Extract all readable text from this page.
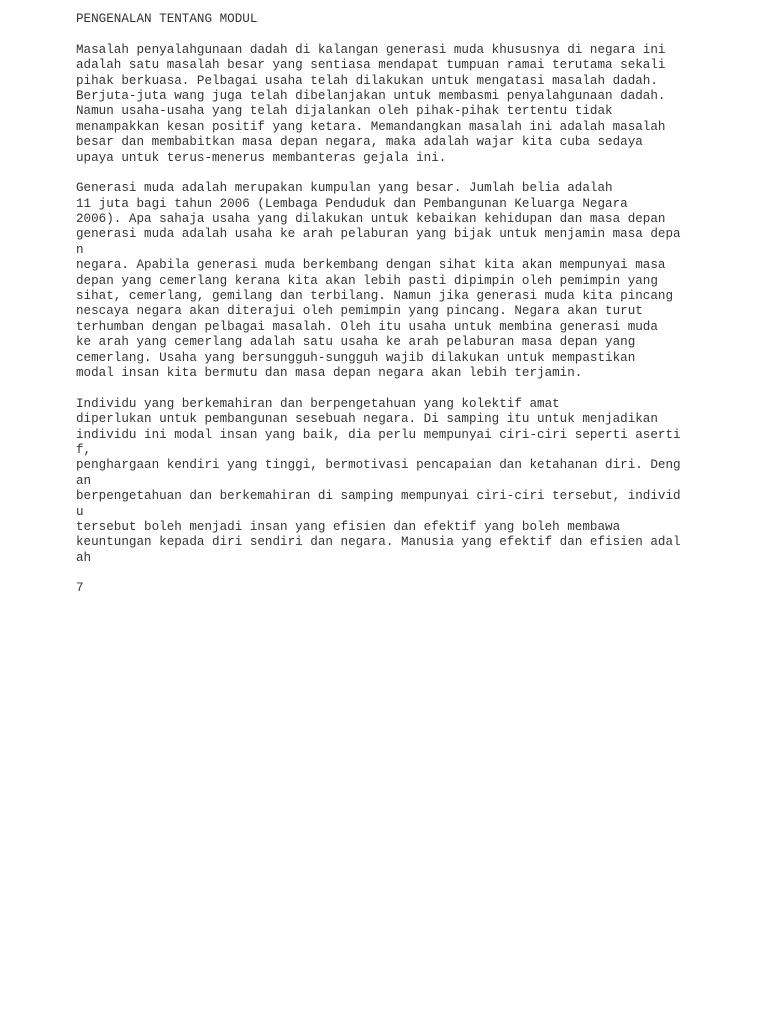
PENGENALAN TENTANG MODUL
Masalah penyalahgunaan dadah di kalangan generasi muda khususnya di negara ini
adalah satu masalah besar yang sentiasa mendapat tumpuan ramai terutama sekali
pihak berkuasa. Pelbagai usaha telah dilakukan untuk mengatasi masalah dadah.
Berjuta-juta wang juga telah dibelanjakan untuk membasmi penyalahgunaan dadah.
Namun usaha-usaha yang telah dijalankan oleh pihak-pihak tertentu tidak
menampakkan kesan positif yang ketara. Memandangkan masalah ini adalah masalah
besar dan membabitkan masa depan negara, maka adalah wajar kita cuba sedaya
upaya untuk terus-menerus membanteras gejala ini.
Generasi muda adalah merupakan kumpulan yang besar. Jumlah belia adalah
11 juta bagi tahun 2006 (Lembaga Penduduk dan Pembangunan Keluarga Negara
2006). Apa sahaja usaha yang dilakukan untuk kebaikan kehidupan dan masa depan
generasi muda adalah usaha ke arah pelaburan yang bijak untuk menjamin masa depa
n
negara. Apabila generasi muda berkembang dengan sihat kita akan mempunyai masa
depan yang cemerlang kerana kita akan lebih pasti dipimpin oleh pemimpin yang
sihat, cemerlang, gemilang dan terbilang. Namun jika generasi muda kita pincang
nescaya negara akan diterajui oleh pemimpin yang pincang. Negara akan turut
terhumban dengan pelbagai masalah. Oleh itu usaha untuk membina generasi muda
ke arah yang cemerlang adalah satu usaha ke arah pelaburan masa depan yang
cemerlang. Usaha yang bersungguh-sungguh wajib dilakukan untuk mempastikan
modal insan kita bermutu dan masa depan negara akan lebih terjamin.
Individu yang berkemahiran dan berpengetahuan yang kolektif amat
diperlukan untuk pembangunan sesebuah negara. Di samping itu untuk menjadikan
individu ini modal insan yang baik, dia perlu mempunyai ciri-ciri seperti aserti
f,
penghargaan kendiri yang tinggi, bermotivasi pencapaian dan ketahanan diri. Deng
an
berpengetahuan dan berkemahiran di samping mempunyai ciri-ciri tersebut, individ
u
tersebut boleh menjadi insan yang efisien dan efektif yang boleh membawa
keuntungan kepada diri sendiri dan negara. Manusia yang efektif dan efisien adal
ah
7
